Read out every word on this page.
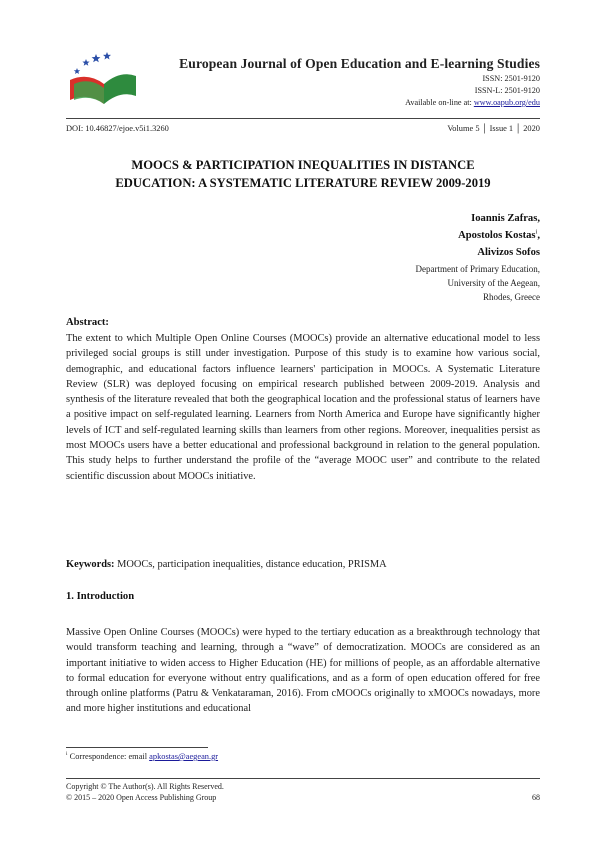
European Journal of Open Education and E-learning Studies
ISSN: 2501-9120
ISSN-L: 2501-9120
Available on-line at: www.oapub.org/edu
DOI: 10.46827/ejoe.v5i1.3260	Volume 5 │ Issue 1 │ 2020
MOOCS & PARTICIPATION INEQUALITIES IN DISTANCE
EDUCATION: A SYSTEMATIC LITERATURE REVIEW 2009-2019
Ioannis Zafras,
Apostolos Kostas$^i$,
Alivizos Sofos
Department of Primary Education,
University of the Aegean,
Rhodes, Greece
Abstract:
The extent to which Multiple Open Online Courses (MOOCs) provide an alternative educational model to less privileged social groups is still under investigation. Purpose of this study is to examine how various social, demographic, and educational factors influence learners' participation in MOOCs. A Systematic Literature Review (SLR) was deployed focusing on empirical research published between 2009-2019. Analysis and synthesis of the literature revealed that both the geographical location and the professional status of learners have a positive impact on self-regulated learning. Learners from North America and Europe have significantly higher levels of ICT and self-regulated learning skills than learners from other regions. Moreover, inequalities persist as most MOOCs users have a better educational and professional background in relation to the general population. This study helps to further understand the profile of the “average MOOC user” and contribute to the related scientific discussion about MOOCs initiative.
Keywords: MOOCs, participation inequalities, distance education, PRISMA
1. Introduction
Massive Open Online Courses (MOOCs) were hyped to the tertiary education as a breakthrough technology that would transform teaching and learning, through a “wave” of democratization. MOOCs are considered as an important initiative to widen access to Higher Education (HE) for millions of people, as an affordable alternative to formal education for everyone without entry qualifications, and as a form of open education offered for free through online platforms (Patru & Venkataraman, 2016). From cMOOCs originally to xMOOCs nowadays, more and more higher institutions and educational
$^i$ Correspondence: email apkostas@aegean.gr
Copyright © The Author(s). All Rights Reserved.
© 2015 – 2020 Open Access Publishing Group	68
